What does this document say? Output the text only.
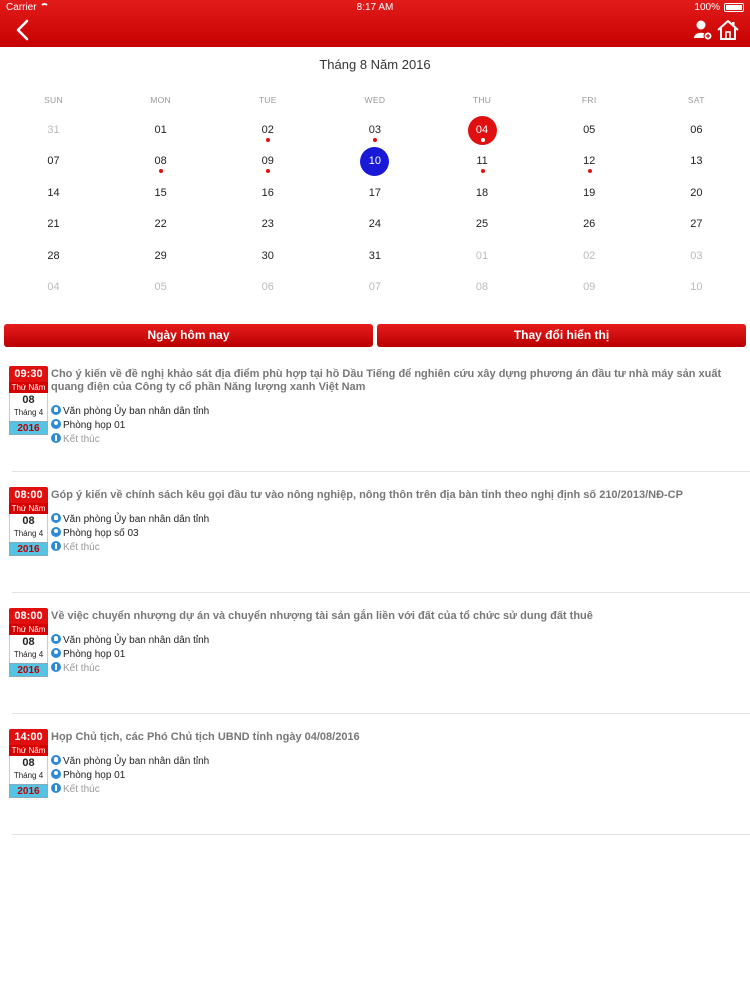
Carrier	8:17 AM	100%
Tháng 8 Năm 2016
SUN	MON	TUE	WED	THU	FRI	SAT
31	01	02	03	04	05	06
07	08	09	10	11	12	13
14	15	16	17	18	19	20
21	22	23	24	25	26	27
28	29	30	31	01	02	03
04	05	06	07	08	09	10
Ngày hôm nay	Thay đổi hiển thị
09:30
Thứ Năm
08
Tháng 4
2016
Cho ý kiến về đề nghị khảo sát địa điểm phù hợp tại hồ Dầu Tiếng để nghiên cứu xây dựng phương án đầu tư nhà máy sản xuất quang điện của Công ty cổ phần Năng lượng xanh Việt Nam
Văn phòng Ủy ban nhân dân tỉnh
Phòng họp 01
Kết thúc
08:00
Thứ Năm
08
Tháng 4
2016
Góp ý kiến về chính sách kêu gọi đầu tư vào nông nghiệp, nông thôn trên địa bàn tỉnh theo nghị định số 210/2013/NĐ-CP
Văn phòng Ủy ban nhân dân tỉnh
Phòng họp số 03
Kết thúc
08:00
Thứ Năm
08
Tháng 4
2016
Về việc chuyển nhượng dự án và chuyển nhượng tài sản gắn liền với đất của tổ chức sử dung đất thuê
Văn phòng Ủy ban nhân dân tỉnh
Phòng họp 01
Kết thúc
14:00
Thứ Năm
08
Tháng 4
2016
Họp Chủ tịch, các Phó Chủ tịch UBND tỉnh ngày 04/08/2016
Văn phòng Ủy ban nhân dân tỉnh
Phòng họp 01
Kết thúc
